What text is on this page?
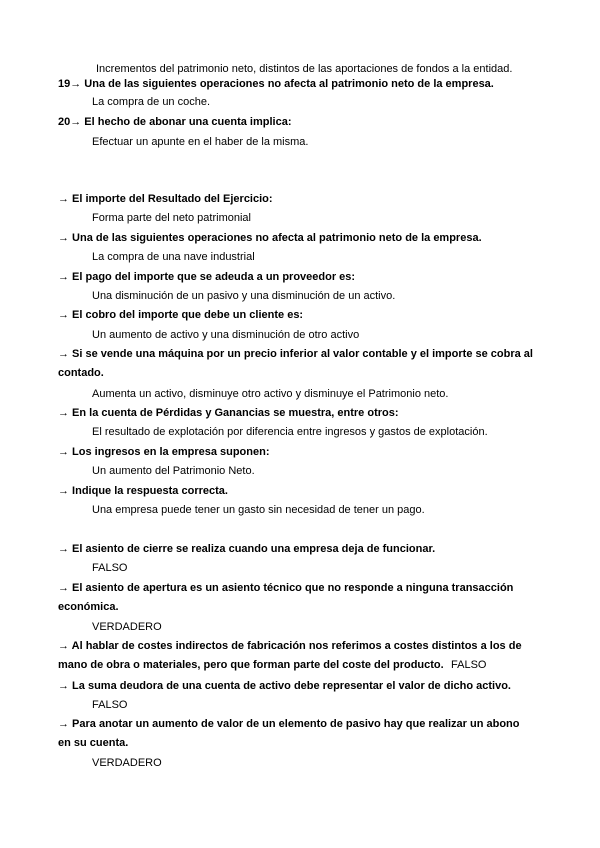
Incrementos del patrimonio neto, distintos de las aportaciones de fondos a la entidad.
19→ Una de las siguientes operaciones no afecta al patrimonio neto de la empresa.
La compra de un coche.
20→ El hecho de abonar una cuenta implica:
Efectuar un apunte en el haber de la misma.
→ El importe del Resultado del Ejercicio:
Forma parte del neto patrimonial
→ Una de las siguientes operaciones no afecta al patrimonio neto de la empresa.
La compra de una nave industrial
→ El pago del importe que se adeuda a un proveedor es:
Una disminución de un pasivo y una disminución de un activo.
→ El cobro del importe que debe un cliente es:
Un aumento de activo y una disminución de otro activo
→ Si se vende una máquina por un precio inferior al valor contable y el importe se cobra al contado.
Aumenta un activo, disminuye otro activo y disminuye el Patrimonio neto.
→ En la cuenta de Pérdidas y Ganancias se muestra, entre otros:
El resultado de explotación por diferencia entre ingresos y gastos de explotación.
→ Los ingresos en la empresa suponen:
Un aumento del Patrimonio Neto.
→ Indique la respuesta correcta.
Una empresa puede tener un gasto sin necesidad de tener un pago.
→ El asiento de cierre se realiza cuando una empresa deja de funcionar.
FALSO
→ El asiento de apertura es un asiento técnico que no responde a ninguna transacción económica.
VERDADERO
→ Al hablar de costes indirectos de fabricación nos referimos a costes distintos a los de mano de obra o materiales, pero que forman parte del coste del producto. FALSO
→ La suma deudora de una cuenta de activo debe representar el valor de dicho activo.
FALSO
→ Para anotar un aumento de valor de un elemento de pasivo hay que realizar un abono en su cuenta.
VERDADERO
